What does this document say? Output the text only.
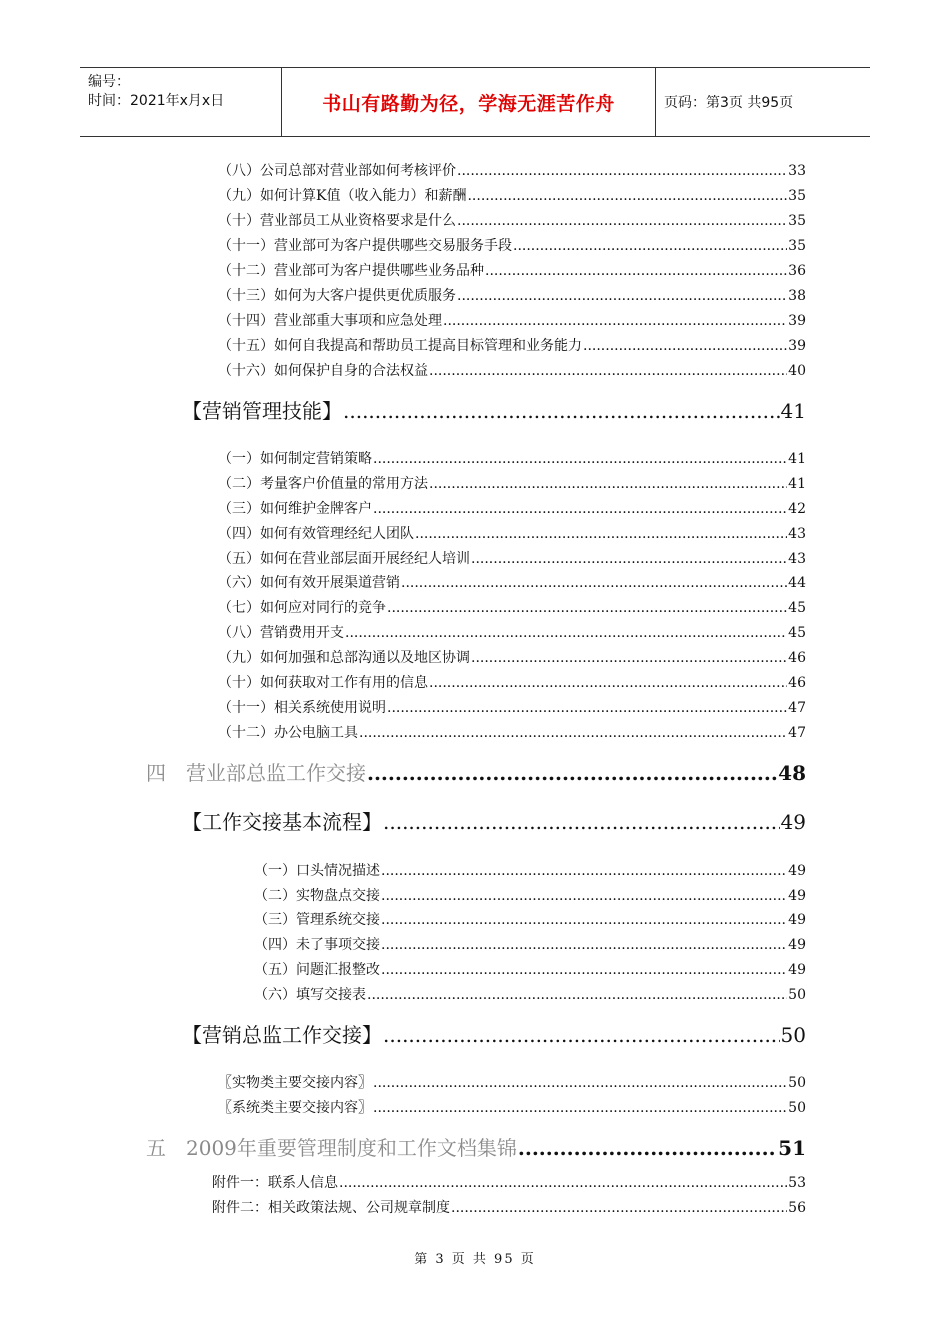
编号：
时间：2021年x月x日	书山有路勤为径，学海无涯苦作舟	页码：第3页 共95页
（八）公司总部对营业部如何考核评价 .....	33
（九）如何计算K值（收入能力）和薪酬 .....	35
（十）营业部员工从业资格要求是什么 .....	35
（十一）营业部可为客户提供哪些交易服务手段 .....	35
（十二）营业部可为客户提供哪些业务品种 .....	36
（十三）如何为大客户提供更优质服务 .....	38
（十四）营业部重大事项和应急处理 .....	39
（十五）如何自我提高和帮助员工提高目标管理和业务能力 .....	39
（十六）如何保护自身的合法权益 .....	40
【营销管理技能】 .....	41
（一）如何制定营销策略 .....	41
（二）考量客户价值量的常用方法 .....	41
（三）如何维护金牌客户 .....	42
（四）如何有效管理经纪人团队 .....	43
（五）如何在营业部层面开展经纪人培训 .....	43
（六）如何有效开展渠道营销 .....	44
（七）如何应对同行的竞争 .....	45
（八）营销费用开支 .....	45
（九）如何加强和总部沟通以及地区协调 .....	46
（十）如何获取对工作有用的信息 .....	46
（十一）相关系统使用说明 .....	47
（十二）办公电脑工具 .....	47
四 营业部总监工作交接 .....	48
【工作交接基本流程】 .....	49
（一）口头情况描述 .....	49
（二）实物盘点交接 .....	49
（三）管理系统交接 .....	49
（四）未了事项交接 .....	49
（五）问题汇报整改 .....	49
（六）填写交接表 .....	50
【营销总监工作交接】 .....	50
〖实物类主要交接内容〗 .....	50
〖系统类主要交接内容〗 .....	50
五 2009年重要管理制度和工作文档集锦 .....	51
附件一：联系人信息 .....	53
附件二：相关政策法规、公司规章制度 .....	56
第 3 页 共 95 页
